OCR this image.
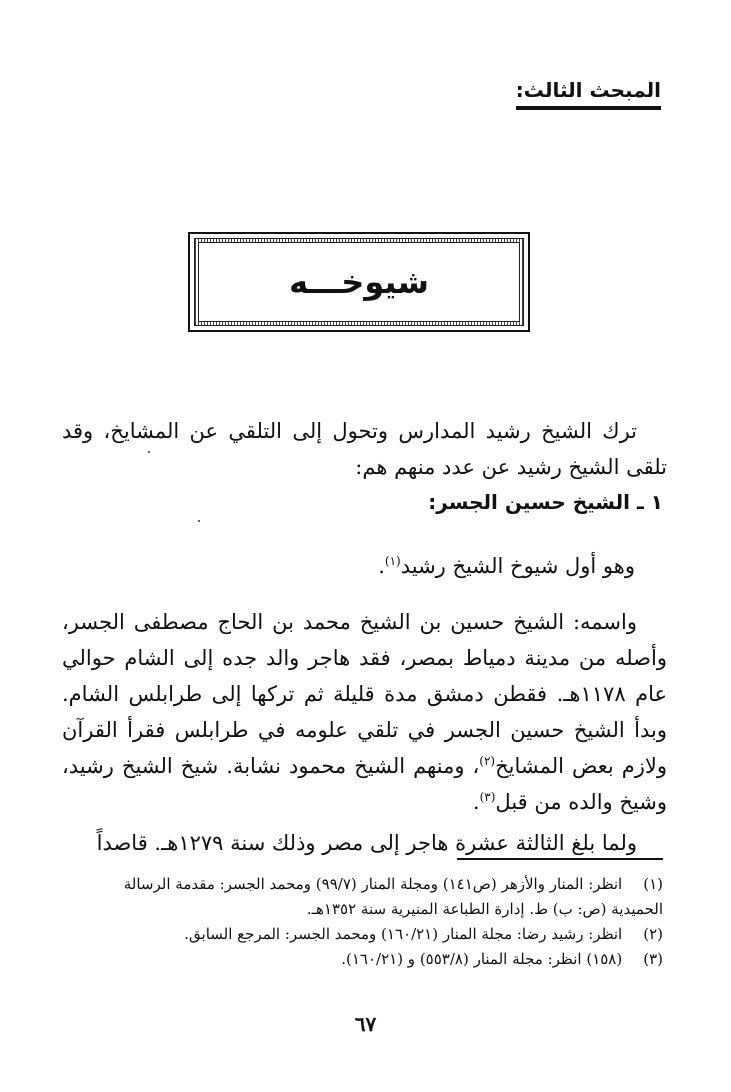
المبحث الثالث:
شيوخـــه

ترك الشيخ رشيد المدارس وتحول إلى التلقي عن المشايخ، وقد تلقى الشيخ رشيد عن عدد منهم هم:

١ ـ الشيخ حسين الجسر:

وهو أول شيوخ الشيخ رشيد$^{(١)}$.

واسمه: الشيخ حسين بن الشيخ محمد بن الحاج مصطفى الجسر، وأصله من مدينة دمياط بمصر، فقد هاجر والد جده إلى الشام حوالي عام ١١٧٨هـ. فقطن دمشق مدة قليلة ثم تركها إلى طرابلس الشام. وبدأ الشيخ حسين الجسر في تلقي علومه في طرابلس فقرأ القرآن ولازم بعض المشايخ$^{(٢)}$، ومنهم الشيخ محمود نشابة. شيخ الشيخ رشيد، وشيخ والده من قبل$^{(٣)}$.

ولما بلغ الثالثة عشرة هاجر إلى مصر وذلك سنة ١٢٧٩هـ. قاصداً

(١) انظر: المنار والأزهر (ص١٤١) ومجلة المنار (٩٩/٧) ومحمد الجسر: مقدمة الرسالة

الحميدية (ص: ب) ط. إدارة الطباعة المنيرية سنة ١٣٥٢هـ.

(٢) انظر: رشيد رضا: مجلة المنار (١٦٠/٢١) ومحمد الجسر: المرجع السابق.

(٣) (١٥٨) انظر: مجلة المنار (٥٥٣/٨) و (١٦٠/٢١).

٦٧
